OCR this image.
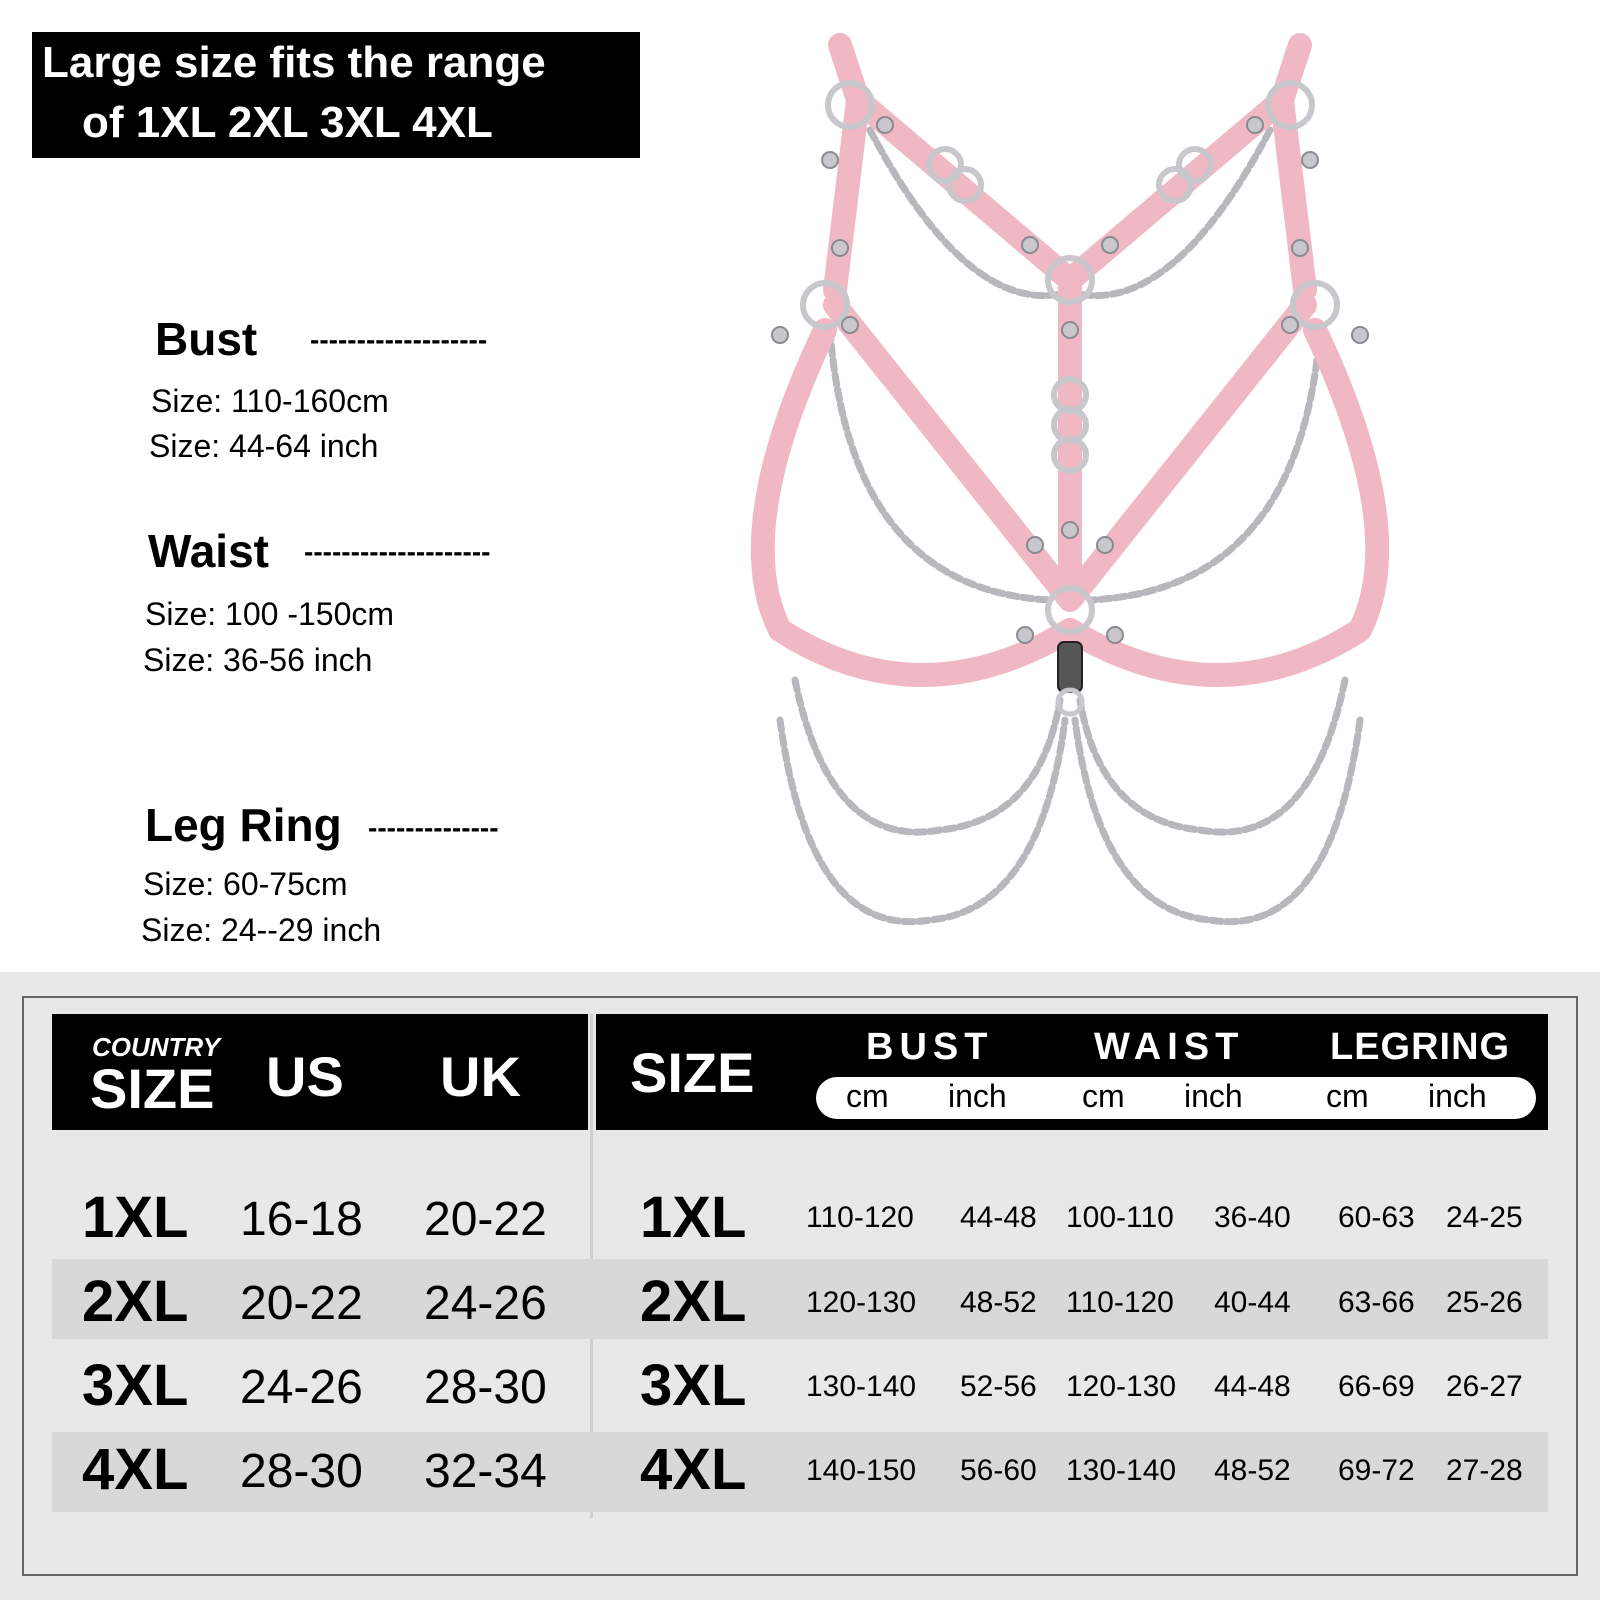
Large size fits the range
of 1XL 2XL 3XL 4XL
Bust -------------------
Size: 110-160cm
Size: 44-64 inch
Waist --------------------
Size: 100 -150cm
Size: 36-56 inch
Leg Ring --------------
Size: 60-75cm
Size: 24--29 inch
COUNTRY
SIZE US UK SIZE	BUST	WAIST LEGRING
cm inch cm inch	cm inch
1XL 16-18 20-22 1XL 110-120 44-48 100-110 36-40 60-63 24-25
2XL 20-22 24-26 2XL 120-130 48-52 110-120 40-44 63-66 25-26
3XL 24-26 28-30 3XL 130-140 52-56 120-130 44-48 66-69 26-27
4XL 28-30 32-34 4XL 140-150 56-60 130-140 48-52 69-72 27-28
